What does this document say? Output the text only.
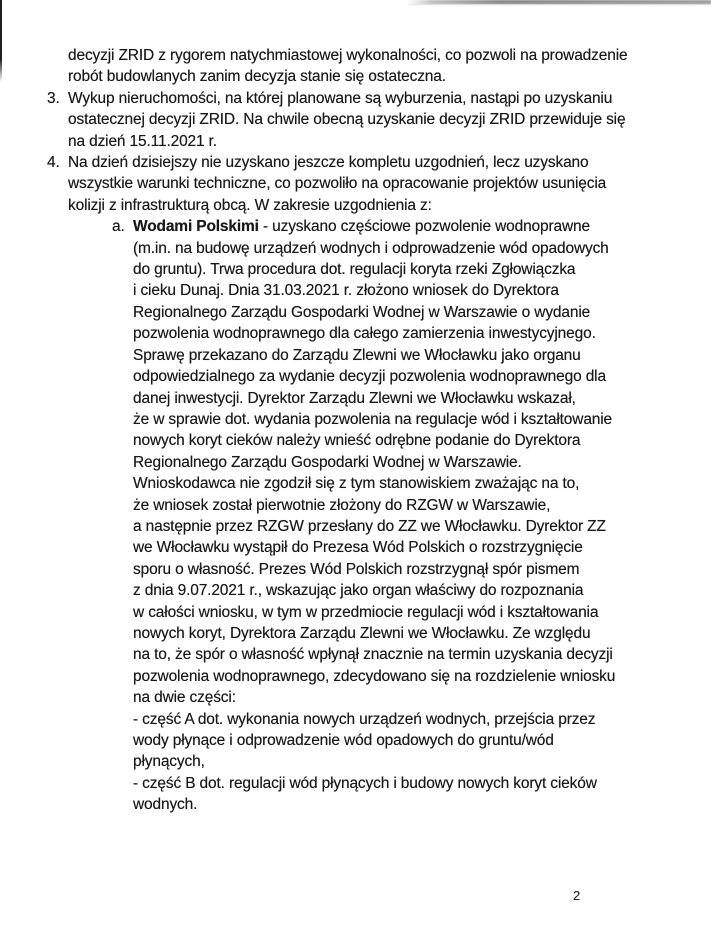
decyzji ZRID z rygorem natychmiastowej wykonalności, co pozwoli na prowadzenie
robót budowlanych zanim decyzja stanie się ostateczna.
3. Wykup nieruchomości, na której planowane są wyburzenia, nastąpi po uzyskaniu
ostatecznej decyzji ZRID. Na chwile obecną uzyskanie decyzji ZRID przewiduje się
na dzień 15.11.2021 r.
4. Na dzień dzisiejszy nie uzyskano jeszcze kompletu uzgodnień, lecz uzyskano
wszystkie warunki techniczne, co pozwoliło na opracowanie projektów usunięcia
kolizji z infrastrukturą obcą. W zakresie uzgodnienia z:
a. Wodami Polskimi - uzyskano częściowe pozwolenie wodnoprawne
(m.in. na budowę urządzeń wodnych i odprowadzenie wód opadowych
do gruntu). Trwa procedura dot. regulacji koryta rzeki Zgłowiączka
i cieku Dunaj. Dnia 31.03.2021 r. złożono wniosek do Dyrektora
Regionalnego Zarządu Gospodarki Wodnej w Warszawie o wydanie
pozwolenia wodnoprawnego dla całego zamierzenia inwestycyjnego.
Sprawę przekazano do Zarządu Zlewni we Włocławku jako organu
odpowiedzialnego za wydanie decyzji pozwolenia wodnoprawnego dla
danej inwestycji. Dyrektor Zarządu Zlewni we Włocławku wskazał,
że w sprawie dot. wydania pozwolenia na regulacje wód i kształtowanie
nowych koryt cieków należy wnieść odrębne podanie do Dyrektora
Regionalnego Zarządu Gospodarki Wodnej w Warszawie.
Wnioskodawca nie zgodził się z tym stanowiskiem zważając na to,
że wniosek został pierwotnie złożony do RZGW w Warszawie,
a następnie przez RZGW przesłany do ZZ we Włocławku. Dyrektor ZZ
we Włocławku wystąpił do Prezesa Wód Polskich o rozstrzygnięcie
sporu o własność. Prezes Wód Polskich rozstrzygnął spór pismem
z dnia 9.07.2021 r., wskazując jako organ właściwy do rozpoznania
w całości wniosku, w tym w przedmiocie regulacji wód i kształtowania
nowych koryt, Dyrektora Zarządu Zlewni we Włocławku. Ze względu
na to, że spór o własność wpłynął znacznie na termin uzyskania decyzji
pozwolenia wodnoprawnego, zdecydowano się na rozdzielenie wniosku
na dwie części:
- część A dot. wykonania nowych urządzeń wodnych, przejścia przez
wody płynące i odprowadzenie wód opadowych do gruntu/wód
płynących,
- część B dot. regulacji wód płynących i budowy nowych koryt cieków
wodnych.
2
